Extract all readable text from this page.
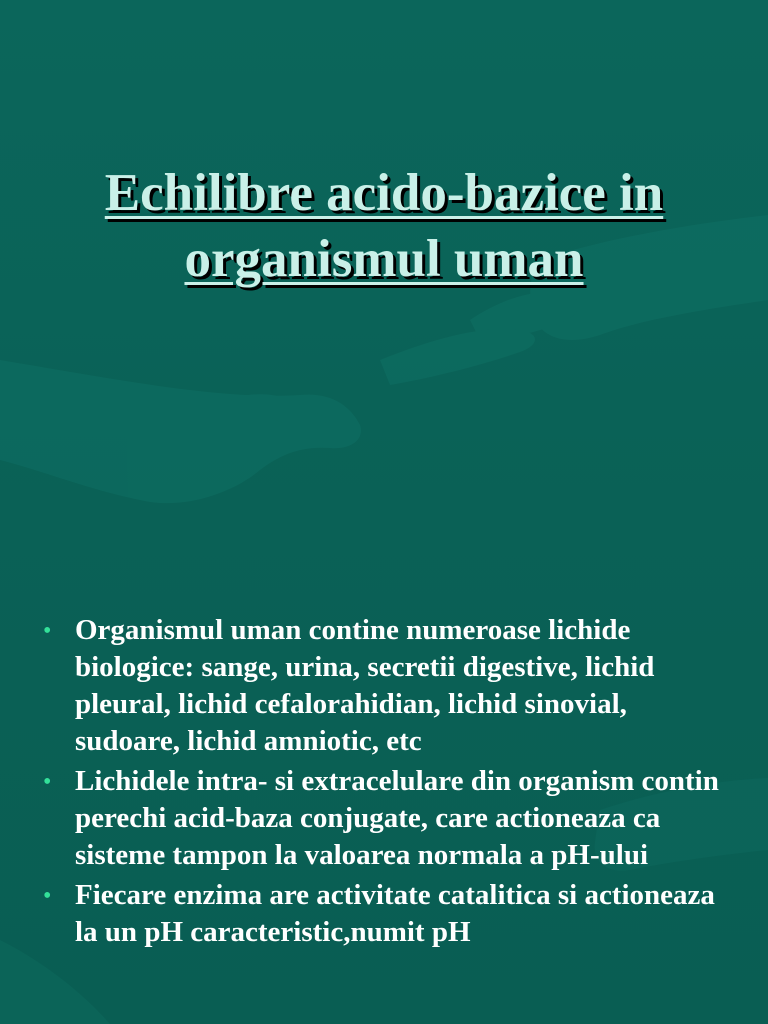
Echilibre acido-bazice in organismul uman
• Organismul uman contine numeroase lichide biologice: sange, urina, secretii digestive, lichid pleural, lichid cefalorahidian, lichid sinovial, sudoare, lichid amniotic, etc
• Lichidele intra- si extracelulare din organism contin perechi acid-baza conjugate, care actioneaza ca sisteme tampon la valoarea normala a pH-ului
• Fiecare enzima are activitate catalitica si actioneaza la un pH caracteristic,numit pH
